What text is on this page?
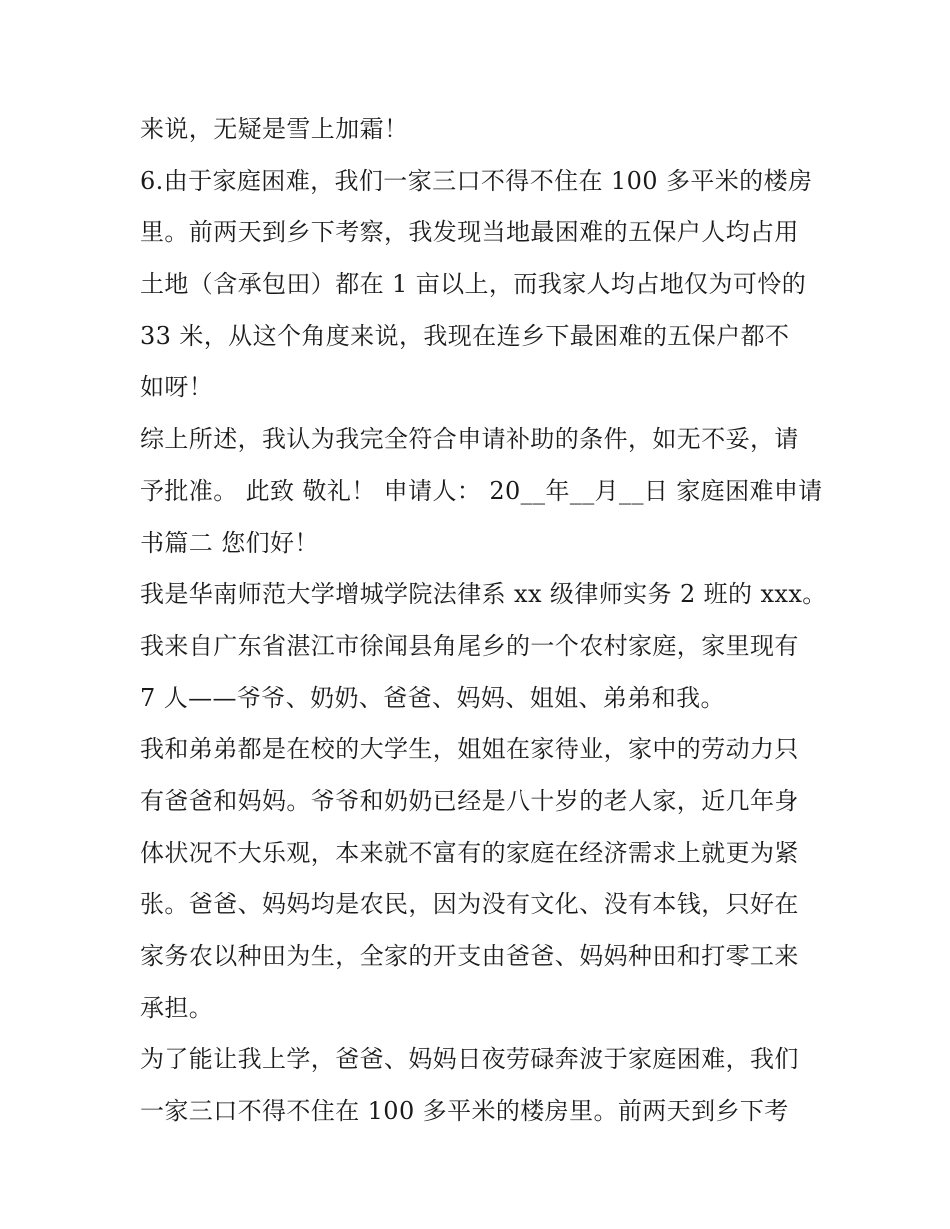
来说，无疑是雪上加霜！
6.由于家庭困难，我们一家三口不得不住在 100 多平米的楼房
里。前两天到乡下考察，我发现当地最困难的五保户人均占用
土地（含承包田）都在 1 亩以上，而我家人均占地仅为可怜的
33 米，从这个角度来说，我现在连乡下最困难的五保户都不
如呀！
综上所述，我认为我完全符合申请补助的条件，如无不妥，请
予批准。 此致 敬礼！ 申请人： 20__年__月__日 家庭困难申请
书篇二 您们好！
我是华南师范大学增城学院法律系 xx 级律师实务 2 班的 xxx。
我来自广东省湛江市徐闻县角尾乡的一个农村家庭，家里现有
7 人——爷爷、奶奶、爸爸、妈妈、姐姐、弟弟和我。
我和弟弟都是在校的大学生，姐姐在家待业，家中的劳动力只
有爸爸和妈妈。爷爷和奶奶已经是八十岁的老人家，近几年身
体状况不大乐观，本来就不富有的家庭在经济需求上就更为紧
张。爸爸、妈妈均是农民，因为没有文化、没有本钱，只好在
家务农以种田为生，全家的开支由爸爸、妈妈种田和打零工来
承担。
为了能让我上学，爸爸、妈妈日夜劳碌奔波于家庭困难，我们
一家三口不得不住在 100 多平米的楼房里。前两天到乡下考
